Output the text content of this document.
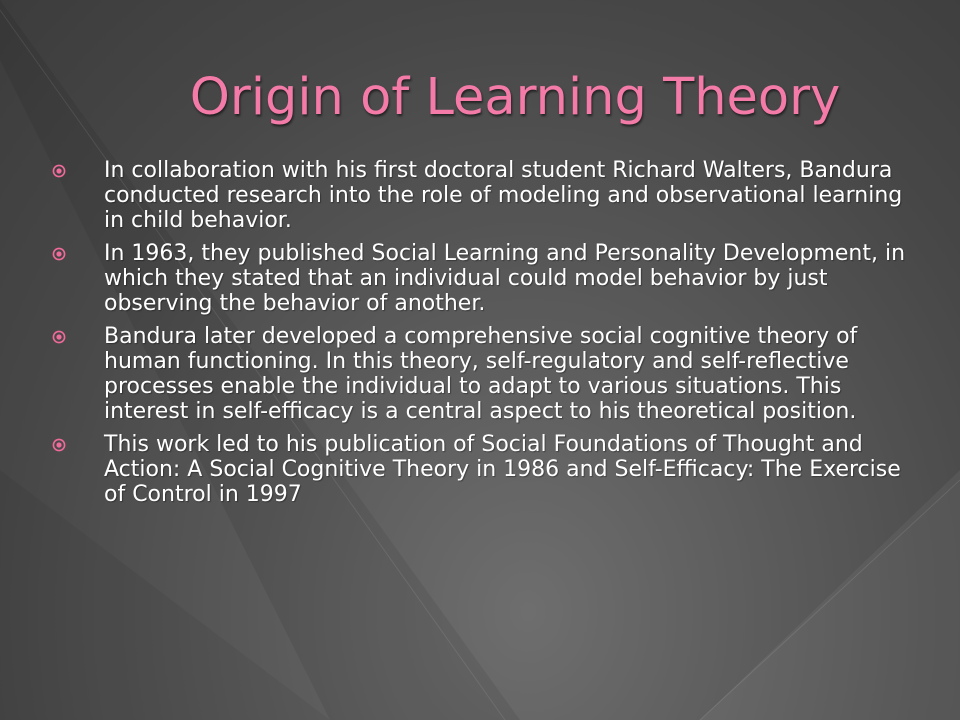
Origin of Learning Theory
In collaboration with his first doctoral student Richard Walters, Bandura conducted research into the role of modeling and observational learning in child behavior.
In 1963, they published Social Learning and Personality Development, in which they stated that an individual could model behavior by just observing the behavior of another.
Bandura later developed a comprehensive social cognitive theory of human functioning. In this theory, self-regulatory and self-reflective processes enable the individual to adapt to various situations. This interest in self-efficacy is a central aspect to his theoretical position.
This work led to his publication of Social Foundations of Thought and Action: A Social Cognitive Theory in 1986 and Self-Efficacy: The Exercise of Control in 1997
